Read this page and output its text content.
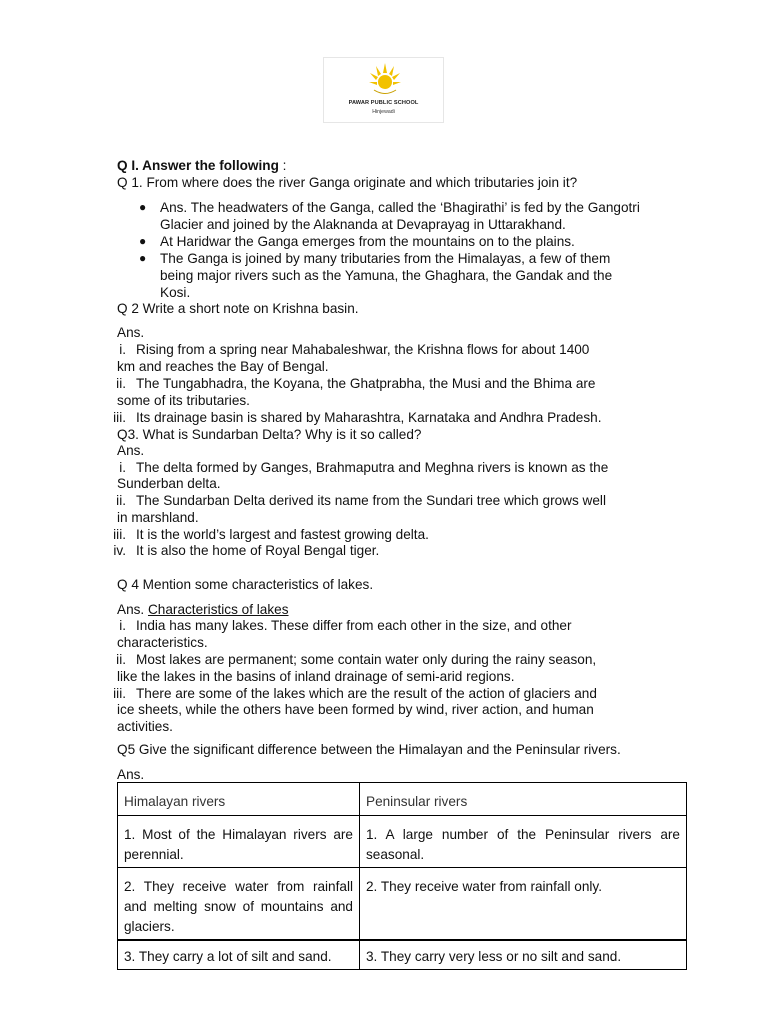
PAWAR PUBLIC SCHOOL
Hinjewadi
Q I. Answer the following :
Q 1. From where does the river Ganga originate and which tributaries join it?
● Ans. The headwaters of the Ganga, called the ‘Bhagirathi’ is fed by the Gangotri
Glacier and joined by the Alaknanda at Devaprayag in Uttarakhand.
● At Haridwar the Ganga emerges from the mountains on to the plains.
● The Ganga is joined by many tributaries from the Himalayas, a few of them
being major rivers such as the Yamuna, the Ghaghara, the Gandak and the
Kosi.
Q 2 Write a short note on Krishna basin.
Ans.
i. Rising from a spring near Mahabaleshwar, the Krishna flows for about 1400
km and reaches the Bay of Bengal.
ii. The Tungabhadra, the Koyana, the Ghatprabha, the Musi and the Bhima are
some of its tributaries.
iii. Its drainage basin is shared by Maharashtra, Karnataka and Andhra Pradesh.
Q3. What is Sundarban Delta? Why is it so called?
Ans.
i. The delta formed by Ganges, Brahmaputra and Meghna rivers is known as the
Sunderban delta.
ii. The Sundarban Delta derived its name from the Sundari tree which grows well
in marshland.
iii. It is the world’s largest and fastest growing delta.
iv. It is also the home of Royal Bengal tiger.
Q 4 Mention some characteristics of lakes.
Ans. Characteristics of lakes
i. India has many lakes. These differ from each other in the size, and other
characteristics.
ii. Most lakes are permanent; some contain water only during the rainy season,
like the lakes in the basins of inland drainage of semi-arid regions.
iii. There are some of the lakes which are the result of the action of glaciers and
ice sheets, while the others have been formed by wind, river action, and human
activities.
Q5 Give the significant difference between the Himalayan and the Peninsular rivers.
Ans.
Himalayan rivers	Peninsular rivers
1. Most of the Himalayan rivers are perennial.	1. A large number of the Peninsular rivers are seasonal.
2. They receive water from rainfall and melting snow of mountains and glaciers.	2. They receive water from rainfall only.
3. They carry a lot of silt and sand.	3. They carry very less or no silt and sand.
